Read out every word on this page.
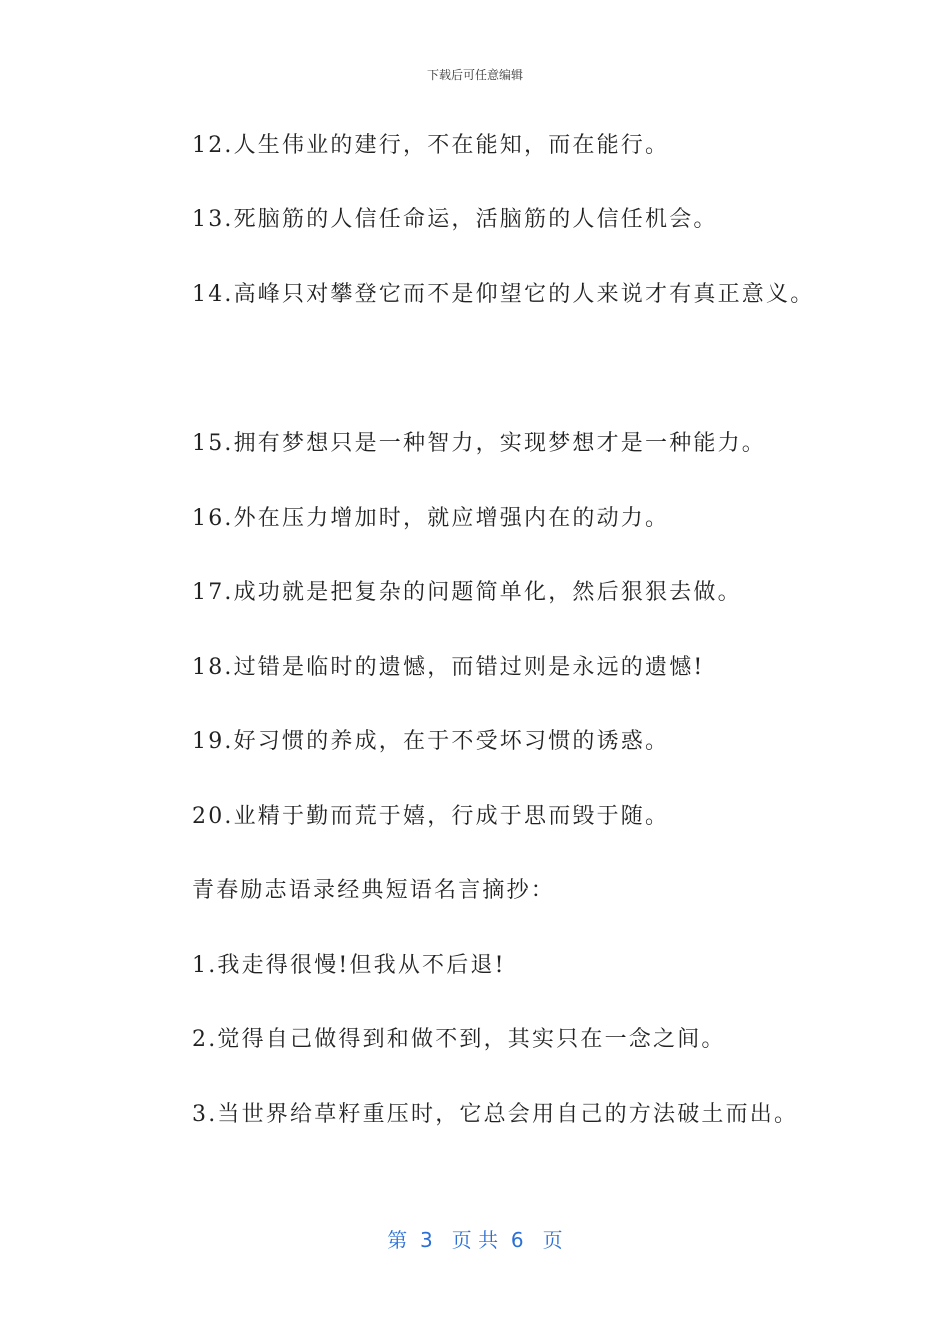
下载后可任意编辑
12.人生伟业的建行，不在能知，而在能行。
13.死脑筋的人信任命运，活脑筋的人信任机会。
14.高峰只对攀登它而不是仰望它的人来说才有真正意义。
15.拥有梦想只是一种智力，实现梦想才是一种能力。
16.外在压力增加时，就应增强内在的动力。
17.成功就是把复杂的问题简单化，然后狠狠去做。
18.过错是临时的遗憾，而错过则是永远的遗憾!
19.好习惯的养成，在于不受坏习惯的诱惑。
20.业精于勤而荒于嬉，行成于思而毁于随。
青春励志语录经典短语名言摘抄：
1.我走得很慢!但我从不后退!
2.觉得自己做得到和做不到，其实只在一念之间。
3.当世界给草籽重压时，它总会用自己的方法破土而出。
第  3   页 共  6   页
